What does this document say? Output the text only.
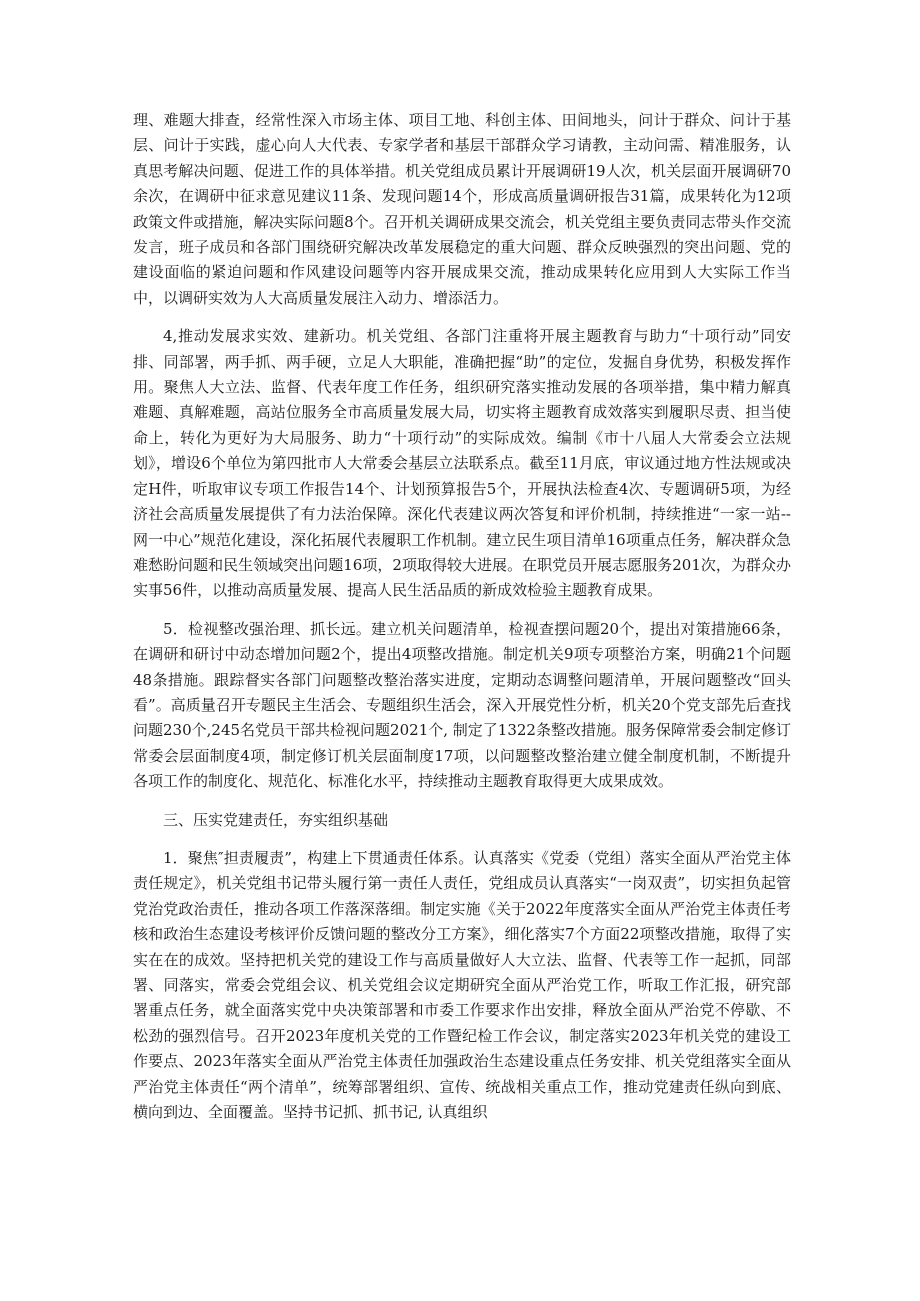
理、难题大排查，经常性深入市场主体、项目工地、科创主体、田间地头，问计于群众、问计于基层、问计于实践，虚心向人大代表、专家学者和基层干部群众学习请教，主动问需、精准服务，认真思考解决问题、促进工作的具体举措。机关党组成员累计开展调研19人次，机关层面开展调研70余次，在调研中征求意见建议11条、发现问题14个，形成高质量调研报告31篇，成果转化为12项政策文件或措施，解决实际问题8个。召开机关调研成果交流会，机关党组主要负责同志带头作交流发言，班子成员和各部门围绕研究解决改革发展稳定的重大问题、群众反映强烈的突出问题、党的建设面临的紧迫问题和作风建设问题等内容开展成果交流，推动成果转化应用到人大实际工作当中，以调研实效为人大高质量发展注入动力、增添活力。

4,推动发展求实效、建新功。机关党组、各部门注重将开展主题教育与助力“十项行动”同安排、同部署，两手抓、两手硬，立足人大职能，准确把握“助”的定位，发掘自身优势，积极发挥作用。聚焦人大立法、监督、代表年度工作任务，组织研究落实推动发展的各项举措，集中精力解真难题、真解难题，高站位服务全市高质量发展大局，切实将主题教育成效落实到履职尽责、担当使命上，转化为更好为大局服务、助力“十项行动”的实际成效。编制《市十八届人大常委会立法规划》，增设6个单位为第四批市人大常委会基层立法联系点。截至11月底，审议通过地方性法规或决定H件，听取审议专项工作报告14个、计划预算报告5个，开展执法检查4次、专题调研5项，为经济社会高质量发展提供了有力法治保障。深化代表建议两次答复和评价机制，持续推进“一家一站--网一中心”规范化建设，深化拓展代表履职工作机制。建立民生项目清单16项重点任务，解决群众急难愁盼问题和民生领域突出问题16项，2项取得较大进展。在职党员开展志愿服务201次，为群众办实事56件，以推动高质量发展、提高人民生活品质的新成效检验主题教育成果。

5．检视整改强治理、抓长远。建立机关问题清单，检视查摆问题20个，提出对策措施66条，在调研和研讨中动态增加问题2个，提出4项整改措施。制定机关9项专项整治方案，明确21个问题48条措施。跟踪督实各部门问题整改整治落实进度，定期动态调整问题清单，开展问题整改“回头看”。高质量召开专题民主生活会、专题组织生活会，深入开展党性分析，机关20个党支部先后查找问题230个,245名党员干部共检视问题2021个, 制定了1322条整改措施。服务保障常委会制定修订常委会层面制度4项，制定修订机关层面制度17项，以问题整改整治建立健全制度机制，不断提升各项工作的制度化、规范化、标准化水平，持续推动主题教育取得更大成果成效。

三、压实党建责任，夯实组织基础

1．聚焦″担责履责”，构建上下贯通责任体系。认真落实《党委（党组）落实全面从严治党主体责任规定》，机关党组书记带头履行第一责任人责任，党组成员认真落实“一岗双责”，切实担负起管党治党政治责任，推动各项工作落深落细。制定实施《关于2022年度落实全面从严治党主体责任考核和政治生态建设考核评价反馈问题的整改分工方案》，细化落实7个方面22项整改措施，取得了实实在在的成效。坚持把机关党的建设工作与高质量做好人大立法、监督、代表等工作一起抓，同部署、同落实，常委会党组会议、机关党组会议定期研究全面从严治党工作，听取工作汇报，研究部署重点任务，就全面落实党中央决策部署和市委工作要求作出安排，释放全面从严治党不停歇、不松劲的强烈信号。召开2023年度机关党的工作暨纪检工作会议，制定落实2023年机关党的建设工作要点、2023年落实全面从严治党主体责任加强政治生态建设重点任务安排、机关党组落实全面从严治党主体责任“两个清单”，统筹部署组织、宣传、统战相关重点工作，推动党建责任纵向到底、横向到边、全面覆盖。坚持书记抓、抓书记, 认真组织
